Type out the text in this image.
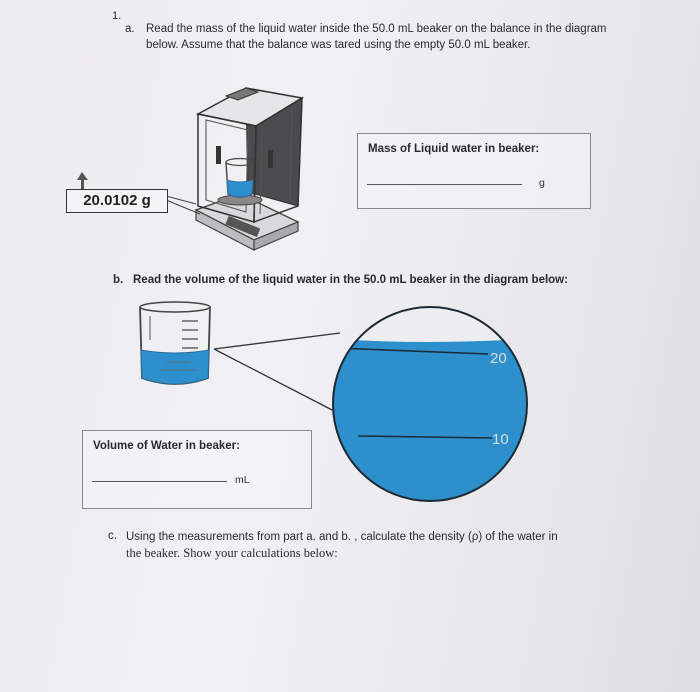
1.
a. Read the mass of the liquid water inside the 50.0 mL beaker on the balance in the diagram below. Assume that the balance was tared using the empty 50.0 mL beaker.
20
10
20.0102 g
Mass of Liquid water in beaker:
g
b. Read the volume of the liquid water in the 50.0 mL beaker in the diagram below:
Volume of Water in beaker:
mL
c. Using the measurements from part a. and b. , calculate the density (ρ) of the water in
the beaker. Show your calculations below:
